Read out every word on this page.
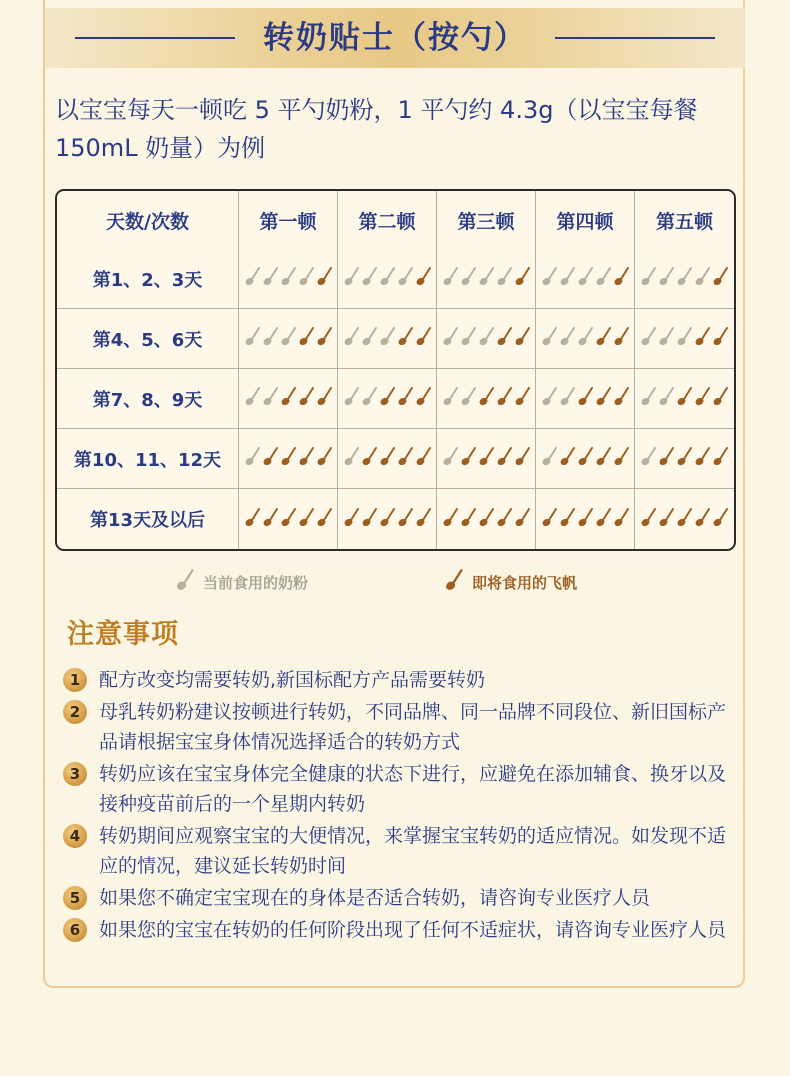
转奶贴士（按勺）
以宝宝每天一顿吃 5 平勺奶粉，1 平勺约 4.3g（以宝宝每餐 150mL 奶量）为例
天数/次数	第一顿	第二顿	第三顿	第四顿	第五顿
第1、2、3天	

第4、5、6天	

第7、8、9天	

第10、11、12天	

第13天及以后	

当前食用的奶粉	即将食用的飞帆
注意事项
1 配方改变均需要转奶,新国标配方产品需要转奶
2 母乳转奶粉建议按顿进行转奶，不同品牌、同一品牌不同段位、新旧国标产品请根据宝宝身体情况选择适合的转奶方式
3 转奶应该在宝宝身体完全健康的状态下进行，应避免在添加辅食、换牙以及接种疫苗前后的一个星期内转奶
4 转奶期间应观察宝宝的大便情况，来掌握宝宝转奶的适应情况。如发现不适应的情况，建议延长转奶时间
5 如果您不确定宝宝现在的身体是否适合转奶，请咨询专业医疗人员
6 如果您的宝宝在转奶的任何阶段出现了任何不适症状，请咨询专业医疗人员
